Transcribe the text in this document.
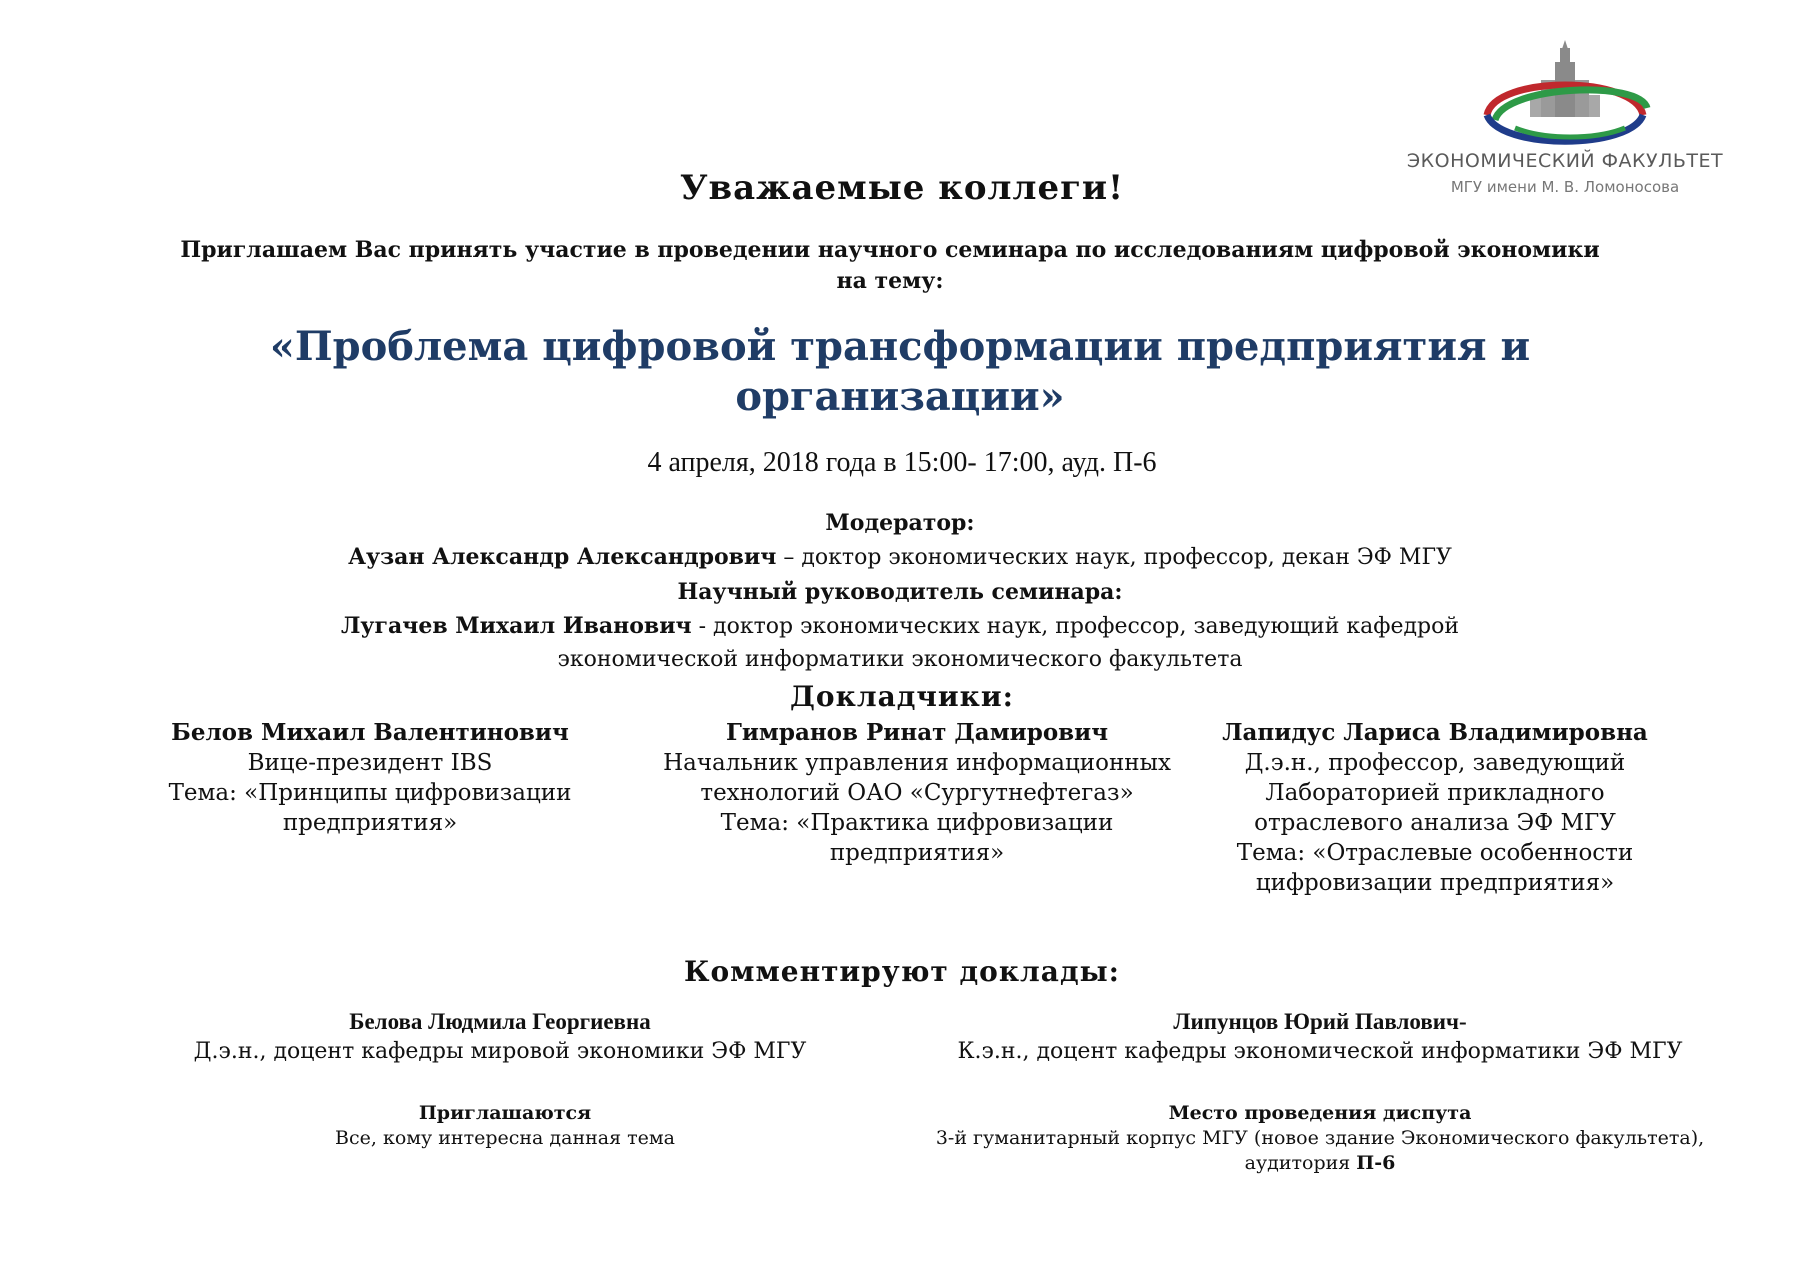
ЭКОНОМИЧЕСКИЙ ФАКУЛЬТЕТ
МГУ имени М. В. Ломоносова
Уважаемые коллеги!
Приглашаем Вас принять участие в проведении научного семинара по исследованиям цифровой экономики на тему:
«Проблема цифровой трансформации предприятия и организации»
4 апреля, 2018 года в 15:00- 17:00, ауд. П-6
Модератор:
Аузан Александр Александрович – доктор экономических наук, профессор, декан ЭФ МГУ
Научный руководитель семинара:
Лугачев Михаил Иванович - доктор экономических наук, профессор, заведующий кафедрой
экономической информатики экономического факультета
Докладчики:
Белов Михаил Валентинович
Вице-президент IBS
Тема: «Принципы цифровизации предприятия»
Гимранов Ринат Дамирович
Начальник управления информационных технологий ОАО «Сургутнефтегаз»
Тема: «Практика цифровизации предприятия»
Лапидус Лариса Владимировна
Д.э.н., профессор, заведующий Лабораторией прикладного отраслевого анализа ЭФ МГУ
Тема: «Отраслевые особенности цифровизации предприятия»
Комментируют доклады:
Белова Людмила Георгиевна
Д.э.н., доцент кафедры мировой экономики ЭФ МГУ
Липунцов Юрий Павлович-
К.э.н., доцент кафедры экономической информатики ЭФ МГУ
Приглашаются
Все, кому интересна данная тема
Место проведения диспута
3-й гуманитарный корпус МГУ (новое здание Экономического факультета), аудитория П-6
